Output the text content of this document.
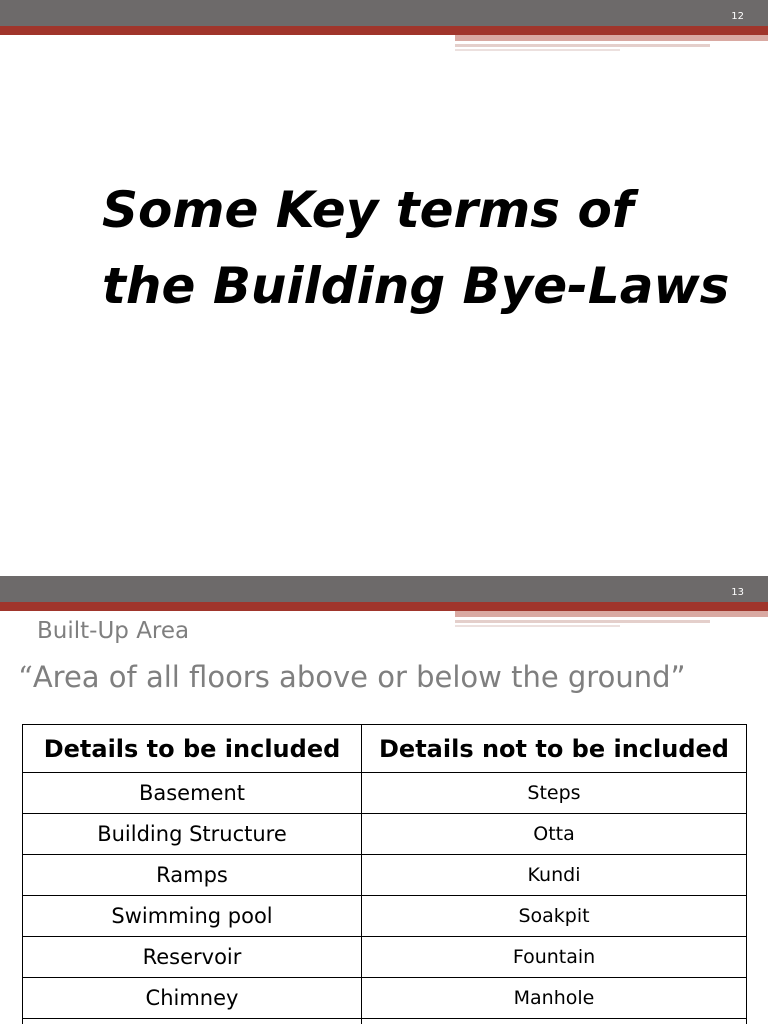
12
Some Key terms of
the Building Bye-Laws
13
Built-Up Area
“Area of all floors above or below the ground”
Details to be included	Details not to be included
Basement	Steps
Building Structure	Otta
Ramps	Kundi
Swimming pool	Soakpit
Reservoir	Fountain
Chimney	Manhole
